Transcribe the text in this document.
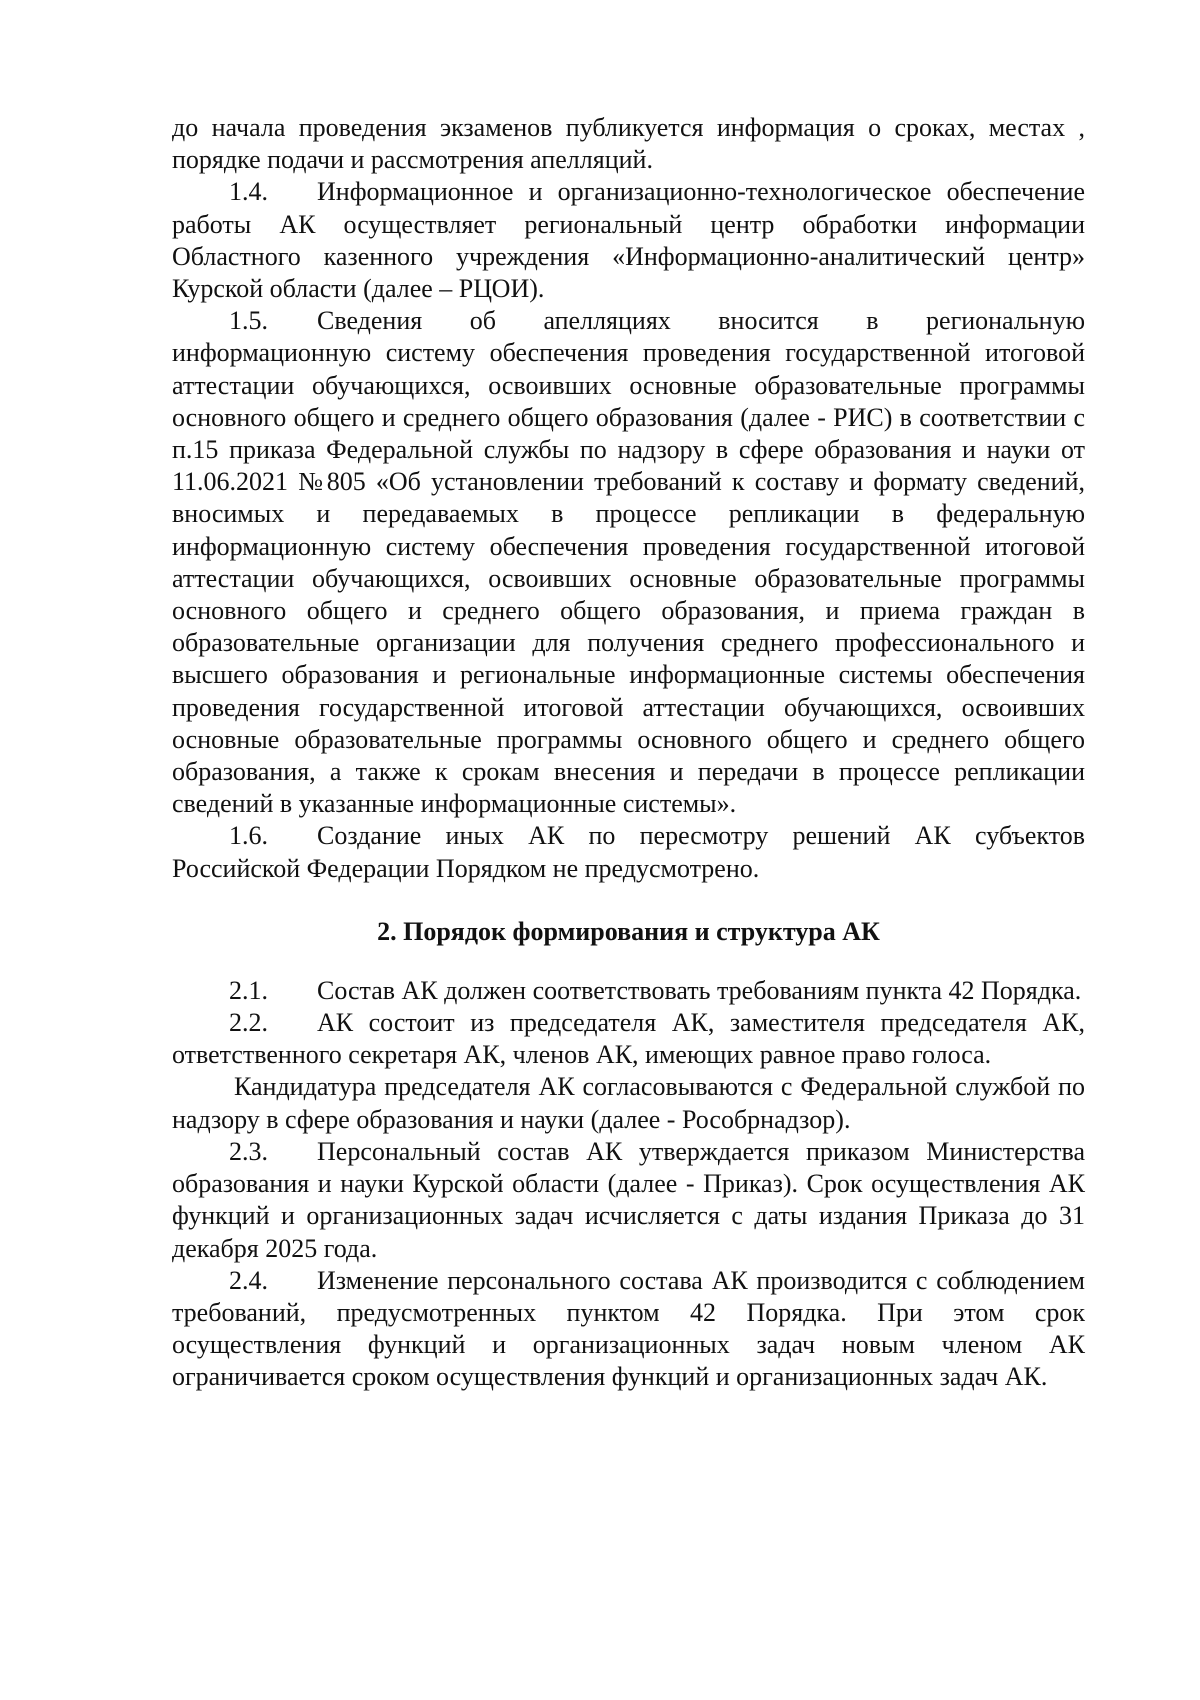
до начала проведения экзаменов публикуется информация о сроках, местах , порядке подачи и рассмотрения апелляций.

1.4. Информационное и организационно-технологическое обеспечение работы АК осуществляет региональный центр обработки информации Областного казенного учреждения «Информационно-аналитический центр» Курской области (далее – РЦОИ).

1.5. Сведения об апелляциях вносится в региональную информационную систему обеспечения проведения государственной итоговой аттестации обучающихся, освоивших основные образовательные программы основного общего и среднего общего образования (далее - РИС) в соответствии с п.15 приказа Федеральной службы по надзору в сфере образования и науки от 11.06.2021 №805 «Об установлении требований к составу и формату сведений, вносимых и передаваемых в процессе репликации в федеральную информационную систему обеспечения проведения государственной итоговой аттестации обучающихся, освоивших основные образовательные программы основного общего и среднего общего образования, и приема граждан в образовательные организации для получения среднего профессионального и высшего образования и региональные информационные системы обеспечения проведения государственной итоговой аттестации обучающихся, освоивших основные образовательные программы основного общего и среднего общего образования, а также к срокам внесения и передачи в процессе репликации сведений в указанные информационные системы».

1.6. Создание иных АК по пересмотру решений АК субъектов Российской Федерации Порядком не предусмотрено.

2. Порядок формирования и структура АК

2.1. Состав АК должен соответствовать требованиям пункта 42 Порядка.

2.2. АК состоит из председателя АК, заместителя председателя АК, ответственного секретаря АК, членов АК, имеющих равное право голоса.

Кандидатура председателя АК согласовываются с Федеральной службой по надзору в сфере образования и науки (далее - Рособрнадзор).

2.3. Персональный состав АК утверждается приказом Министерства образования и науки Курской области (далее - Приказ). Срок осуществления АК функций и организационных задач исчисляется с даты издания Приказа до 31 декабря 2025 года.

2.4. Изменение персонального состава АК производится с соблюдением требований, предусмотренных пунктом 42 Порядка. При этом срок осуществления функций и организационных задач новым членом АК ограничивается сроком осуществления функций и организационных задач АК.
